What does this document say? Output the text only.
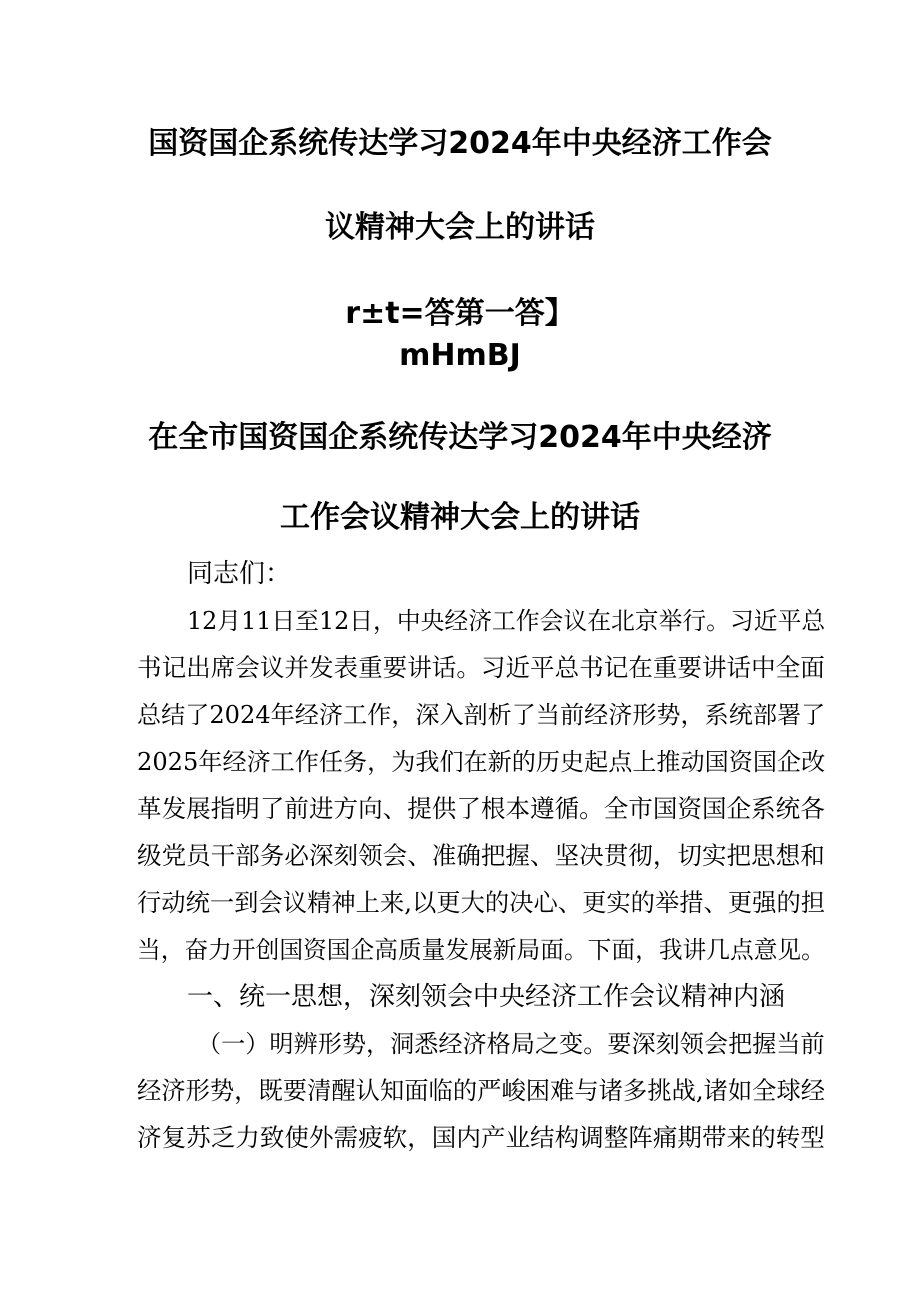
国资国企系统传达学习2024年中央经济工作会
议精神大会上的讲话
r±t=答第一答】
mHmBJ
在全市国资国企系统传达学习2024年中央经济
工作会议精神大会上的讲话
同志们：
12月11日至12日，中央经济工作会议在北京举行。习近平总
书记出席会议并发表重要讲话。习近平总书记在重要讲话中全面
总结了2024年经济工作，深入剖析了当前经济形势，系统部署了
2025年经济工作任务，为我们在新的历史起点上推动国资国企改
革发展指明了前进方向、提供了根本遵循。全市国资国企系统各
级党员干部务必深刻领会、准确把握、坚决贯彻，切实把思想和
行动统一到会议精神上来,以更大的决心、更实的举措、更强的担
当，奋力开创国资国企高质量发展新局面。下面，我讲几点意见。
一、统一思想，深刻领会中央经济工作会议精神内涵
（一）明辨形势，洞悉经济格局之变。要深刻领会把握当前
经济形势，既要清醒认知面临的严峻困难与诸多挑战,诸如全球经
济复苏乏力致使外需疲软，国内产业结构调整阵痛期带来的转型
